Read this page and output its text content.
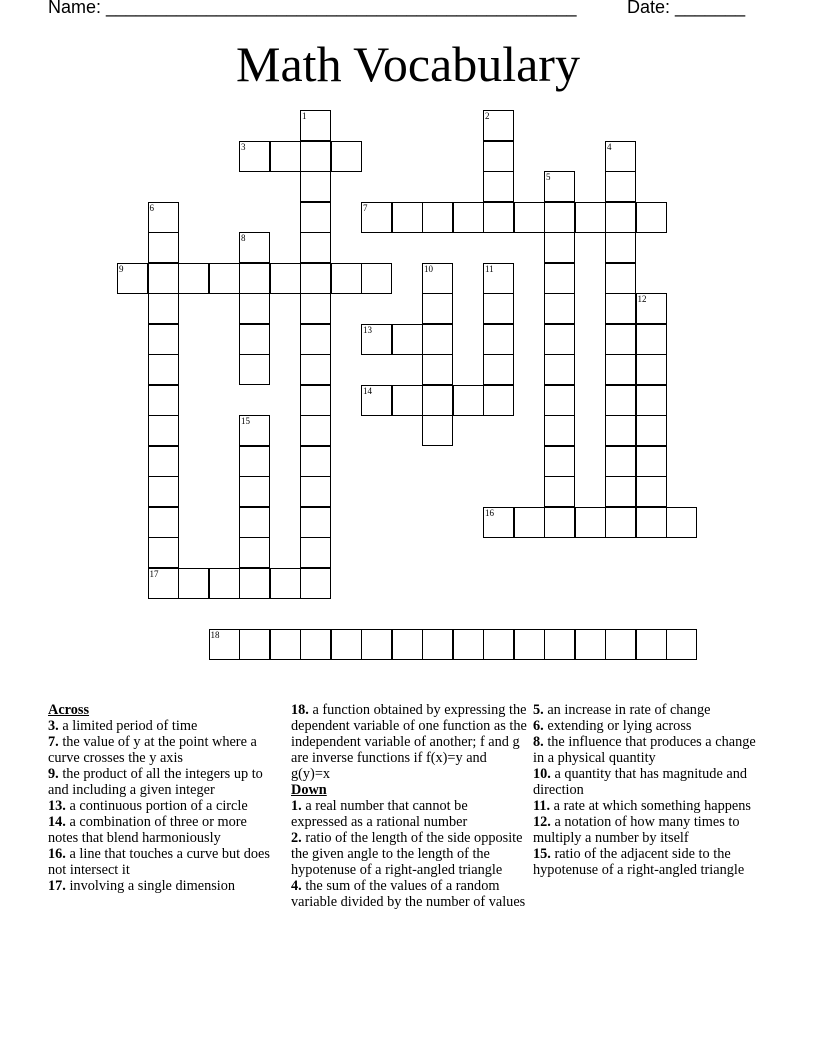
Name: _______________________________________________	Date: _______
Math Vocabulary
1	2
3	4
5
6	7
8
9	10	11
12
13
14
15
16
17
18
Across
3. a limited period of time
7. the value of y at the point where a curve crosses the y axis
9. the product of all the integers up to and including a given integer
13. a continuous portion of a circle
14. a combination of three or more notes that blend harmoniously
16. a line that touches a curve but does not intersect it
17. involving a single dimension
18. a function obtained by expressing the dependent variable of one function as the independent variable of another; f and g are inverse functions if f(x)=y and g(y)=x
Down
1. a real number that cannot be expressed as a rational number
2. ratio of the length of the side opposite the given angle to the length of the hypotenuse of a right-angled triangle
4. the sum of the values of a random variable divided by the number of values
5. an increase in rate of change
6. extending or lying across
8. the influence that produces a change in a physical quantity
10. a quantity that has magnitude and direction
11. a rate at which something happens
12. a notation of how many times to multiply a number by itself
15. ratio of the adjacent side to the hypotenuse of a right-angled triangle
